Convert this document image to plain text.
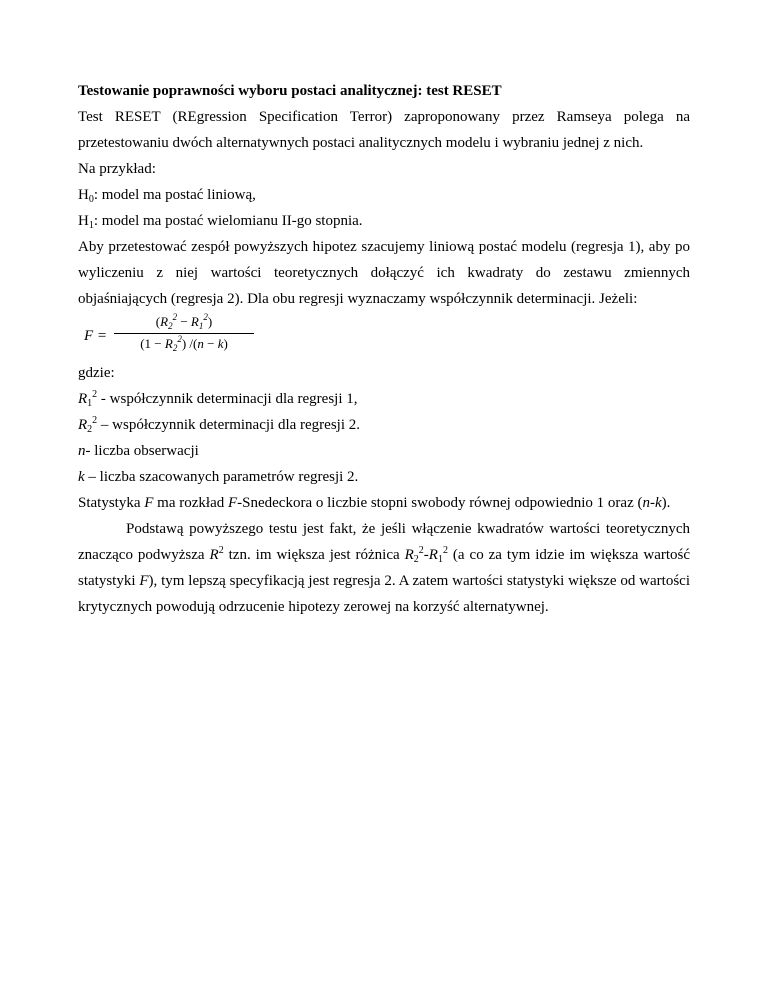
Testowanie poprawności wyboru postaci analitycznej: test RESET

Test RESET (REgression Specification Terror) zaproponowany przez Ramseya polega na przetestowaniu dwóch alternatywnych postaci analitycznych modelu i wybraniu jednej z nich.

Na przykład:

$H_0$: model ma postać liniową,

$H_1$: model ma postać wielomianu II-go stopnia.

Aby przetestować zespół powyższych hipotez szacujemy liniową postać modelu (regresja 1), aby po wyliczeniu z niej wartości teoretycznych dołączyć ich kwadraty do zestawu zmiennych objaśniających (regresja 2). Dla obu regresji wyznaczamy współczynnik determinacji. Jeżeli:

$F = \frac{(R_2^2 - R_1^2)}{(1 - R_2^2) /(n - k)}$

gdzie:

$R_1^2$ - współczynnik determinacji dla regresji 1,

$R_2^2$ – współczynnik determinacji dla regresji 2.

n- liczba obserwacji

k – liczba szacowanych parametrów regresji 2.

Statystyka F ma rozkład F-Snedeckora o liczbie stopni swobody równej odpowiednio 1 oraz (n-k).

Podstawą powyższego testu jest fakt, że jeśli włączenie kwadratów wartości teoretycznych znacząco podwyższa $R^2$ tzn. im większa jest różnica $R_2^2-R_1^2$ (a co za tym idzie im większa wartość statystyki F), tym lepszą specyfikacją jest regresja 2. A zatem wartości statystyki większe od wartości krytycznych powodują odrzucenie hipotezy zerowej na korzyść alternatywnej.
